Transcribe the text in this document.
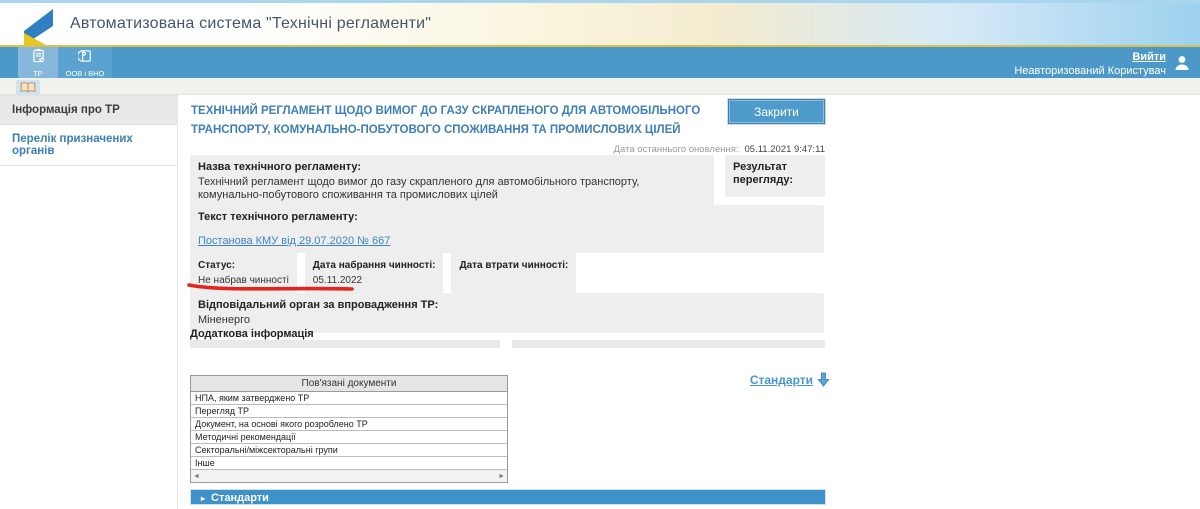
Автоматизована система "Технічні регламенти"
ТР	ООВ і ВНО
Вийти
Неавторизований Користувач
Інформація про ТР
Перелік призначених органів
ТЕХНІЧНИЙ РЕГЛАМЕНТ ЩОДО ВИМОГ ДО ГАЗУ СКРАПЛЕНОГО ДЛЯ АВТОМОБІЛЬНОГО ТРАНСПОРТУ, КОМУНАЛЬНО-ПОБУТОВОГО СПОЖИВАННЯ ТА ПРОМИСЛОВИХ ЦІЛЕЙ
Закрити
Дата останнього оновлення: 05.11.2021 9:47:11
Назва технічного регламенту:
Технічний регламент щодо вимог до газу скрапленого для автомобільного транспорту, комунально-побутового споживання та промислових цілей
Результат перегляду:
Текст технічного регламенту:
Постанова КМУ від 29.07.2020 № 667
Статус:
Не набрав чинності
Дата набрання чинності:
05.11.2022
Дата втрати чинності:
Відповідальний орган за впровадження ТР:
Міненерго
Додаткова інформація
Пов'язані документи
НПА, яким затверджено ТР
Перегляд ТР
Документ, на основі якого розроблено ТР
Методичні рекомендації
Секторальні/міжсекторальні групи
Інше
◄	►
Стандарти
▸ Стандарти
